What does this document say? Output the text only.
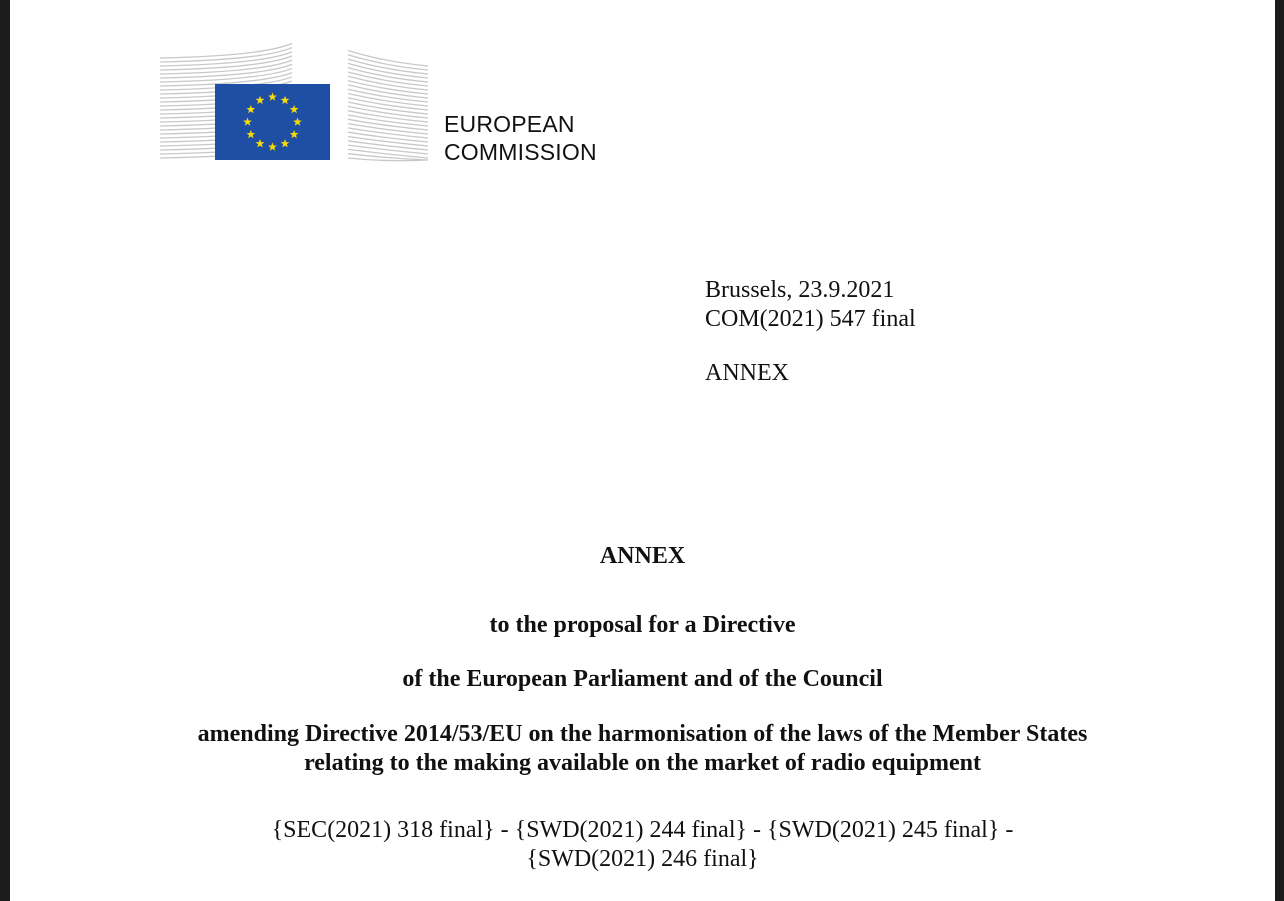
EUROPEAN
COMMISSION
Brussels, 23.9.2021
COM(2021) 547 final
ANNEX
ANNEX
to the proposal for a Directive
of the European Parliament and of the Council
amending Directive 2014/53/EU on the harmonisation of the laws of the Member States
relating to the making available on the market of radio equipment
{SEC(2021) 318 final} - {SWD(2021) 244 final} - {SWD(2021) 245 final} -
{SWD(2021) 246 final}
